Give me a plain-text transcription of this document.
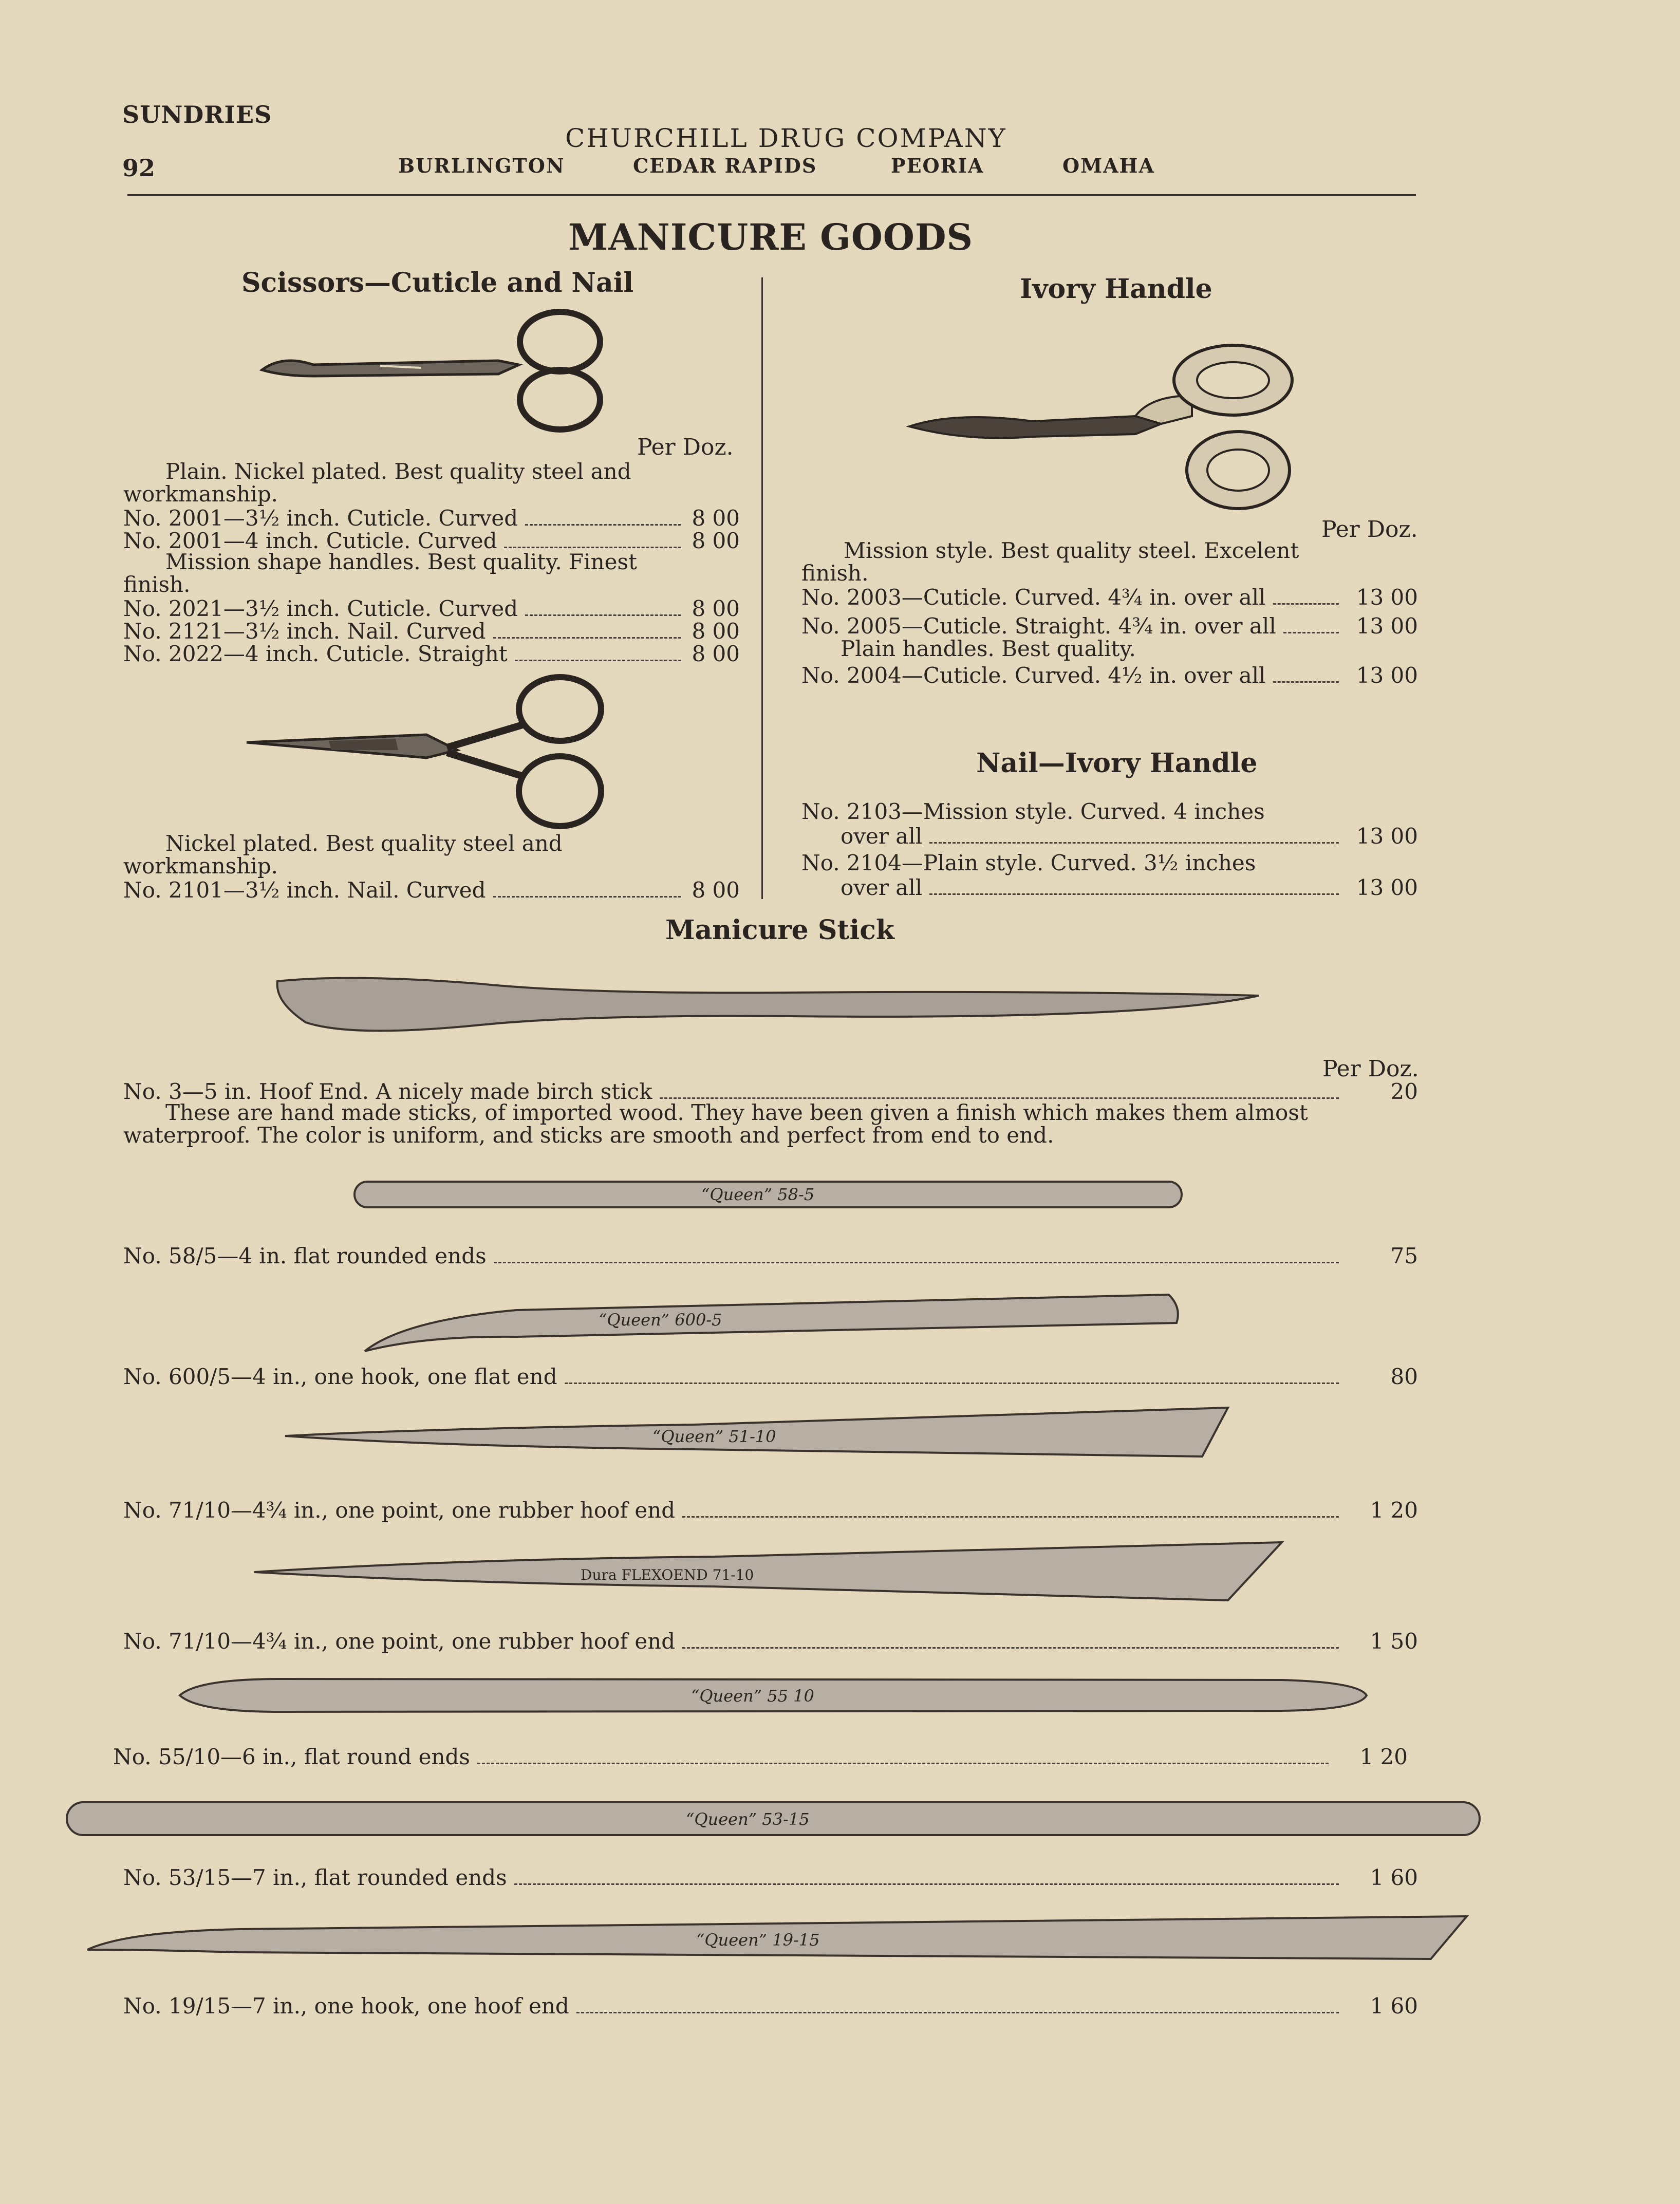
SUNDRIES
92
CHURCHILL DRUG COMPANY
BURLINGTON	CEDAR RAPIDS	PEORIA	OMAHA
MANICURE GOODS
Scissors—Cuticle and Nail
Per Doz.
Plain. Nickel plated. Best quality steel and workmanship.
No. 2001—3½ inch. Cuticle. Curved	8 00
No. 2001—4 inch. Cuticle. Curved	8 00
Mission shape handles. Best quality. Finest finish.
No. 2021—3½ inch. Cuticle. Curved	8 00
No. 2121—3½ inch. Nail. Curved	8 00
No. 2022—4 inch. Cuticle. Straight	8 00
Nickel plated. Best quality steel and workmanship.
No. 2101—3½ inch. Nail. Curved	8 00
Ivory Handle
Per Doz.
Mission style. Best quality steel. Excelent finish.
No. 2003—Cuticle. Curved. 4¾ in. over all	13 00
No. 2005—Cuticle. Straight. 4¾ in. over all	13 00
Plain handles. Best quality.
No. 2004—Cuticle. Curved. 4½ in. over all	13 00
Nail—Ivory Handle
No. 2103—Mission style. Curved. 4 inches
over all	13 00
No. 2104—Plain style. Curved. 3½ inches
over all	13 00
Manicure Stick
Per Doz.
No. 3—5 in. Hoof End. A nicely made birch stick	20
These are hand made sticks, of imported wood. They have been given a finish which makes them almost waterproof. The color is uniform, and sticks are smooth and perfect from end to end.
“Queen” 58-5
No. 58/5—4 in. flat rounded ends	75
“Queen” 600-5
No. 600/5—4 in., one hook, one flat end	80
“Queen” 51-10
No. 71/10—4¾ in., one point, one rubber hoof end	1 20
Dura FLEXOEND 71-10
No. 71/10—4¾ in., one point, one rubber hoof end	1 50
“Queen” 55 10
No. 55/10—6 in., flat round ends	1 20
“Queen” 53-15
No. 53/15—7 in., flat rounded ends	1 60
“Queen” 19-15
No. 19/15—7 in., one hook, one hoof end	1 60
